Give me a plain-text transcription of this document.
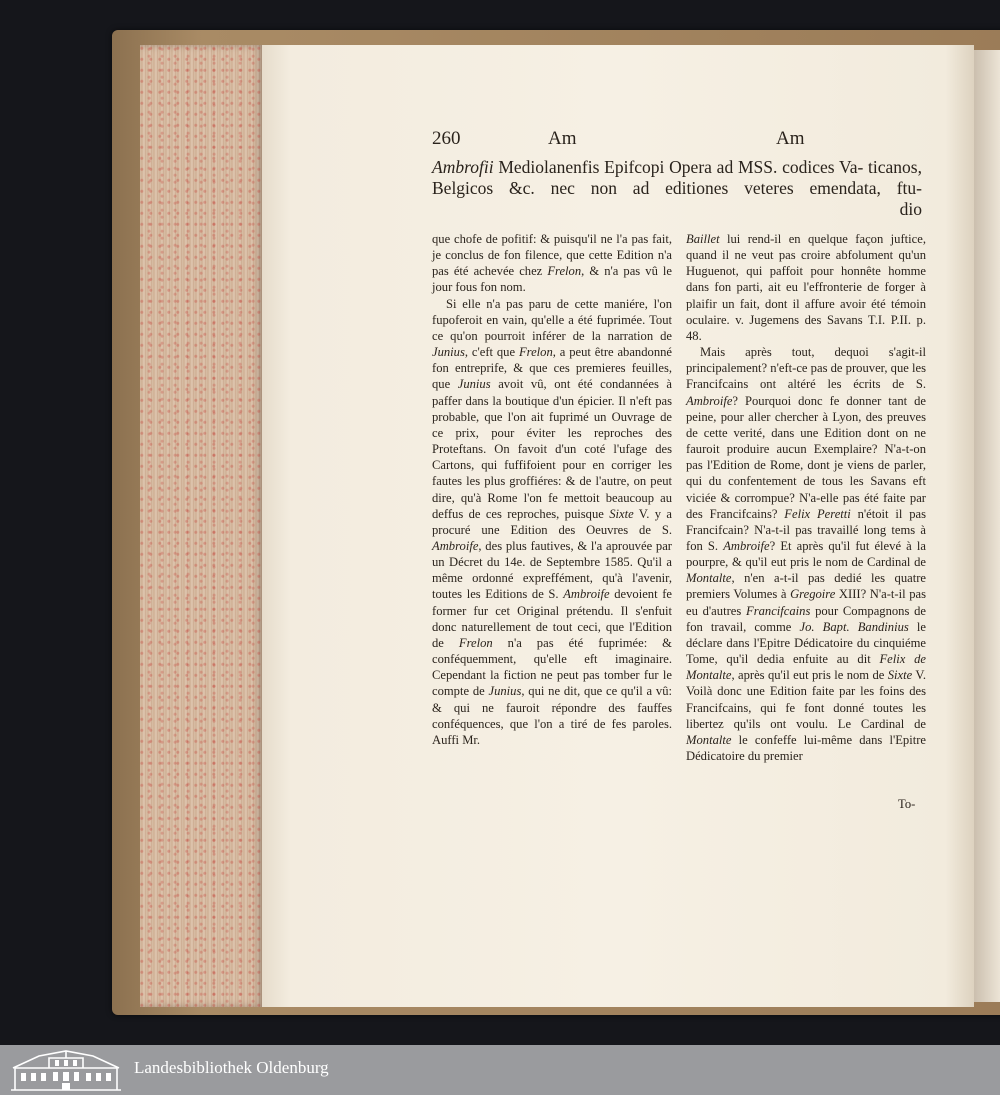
260	Am	Am
Ambrofii Mediolanenfis Epifcopi Opera ad MSS. codices Va- ticanos, Belgicos &c. nec non ad editiones veteres emendata, ftu-
dio

que chofe de pofitif: & puisqu'il ne l'a pas fait, je conclus de fon filence, que cette Edition n'a pas été achevée chez Frelon, & n'a pas vû le jour fous fon nom.

Si elle n'a pas paru de cette maniére, l'on fupoferoit en vain, qu'elle a été fuprimée. Tout ce qu'on pourroit inférer de la narration de Junius, c'eft que Frelon, a peut être abandonné fon entreprife, & que ces premieres feuilles, que Junius avoit vû, ont été condannées à paffer dans la boutique d'un épicier. Il n'eft pas probable, que l'on ait fuprimé un Ouvrage de ce prix, pour éviter les reproches des Proteftans. On favoit d'un coté l'ufage des Cartons, qui fuffifoient pour en corriger les fautes les plus groffiéres: & de l'autre, on peut dire, qu'à Rome l'on fe mettoit beaucoup au deffus de ces reproches, puisque Sixte V. y a procuré une Edition des Oeuvres de S. Ambroife, des plus fautives, & l'a aprouvée par un Décret du 14e. de Septembre 1585. Qu'il a même ordonné expreffément, qu'à l'avenir, toutes les Editions de S. Ambroife devoient fe former fur cet Original prétendu. Il s'enfuit donc naturellement de tout ceci, que l'Edition de Frelon n'a pas été fuprimée: & conféquemment, qu'elle eft imaginaire. Cependant la fiction ne peut pas tomber fur le compte de Junius, qui ne dit, que ce qu'il a vû: & qui ne fauroit répondre des fauffes conféquences, que l'on a tiré de fes paroles. Auffi Mr.

Baillet lui rend-il en quelque façon juftice, quand il ne veut pas croire abfolument qu'un Huguenot, qui paffoit pour honnête homme dans fon parti, ait eu l'effronterie de forger à plaifir un fait, dont il affure avoir été témoin oculaire. v. Jugemens des Savans T.I. P.II. p. 48.

Mais après tout, dequoi s'agit-il principalement? n'eft-ce pas de prouver, que les Francifcains ont altéré les écrits de S. Ambroife? Pourquoi donc fe donner tant de peine, pour aller chercher à Lyon, des preuves de cette verité, dans une Edition dont on ne fauroit produire aucun Exemplaire? N'a-t-on pas l'Edition de Rome, dont je viens de parler, qui du confentement de tous les Savans eft viciée & corrompue? N'a-elle pas été faite par des Francifcains? Felix Peretti n'étoit il pas Francifcain? N'a-t-il pas travaillé long tems à fon S. Ambroife? Et après qu'il fut élevé à la pourpre, & qu'il eut pris le nom de Cardinal de Montalte, n'en a-t-il pas dedié les quatre premiers Volumes à Gregoire XIII? N'a-t-il pas eu d'autres Francifcains pour Compagnons de fon travail, comme Jo. Bapt. Bandinius le déclare dans l'Epitre Dédicatoire du cinquiéme Tome, qu'il dedia enfuite au dit Felix de Montalte, après qu'il eut pris le nom de Sixte V. Voilà donc une Edition faite par les foins des Francifcains, qui fe font donné toutes les libertez qu'ils ont voulu. Le Cardinal de Montalte le confeffe lui-même dans l'Epitre Dédicatoire du premier

To-
Landesbibliothek Oldenburg
